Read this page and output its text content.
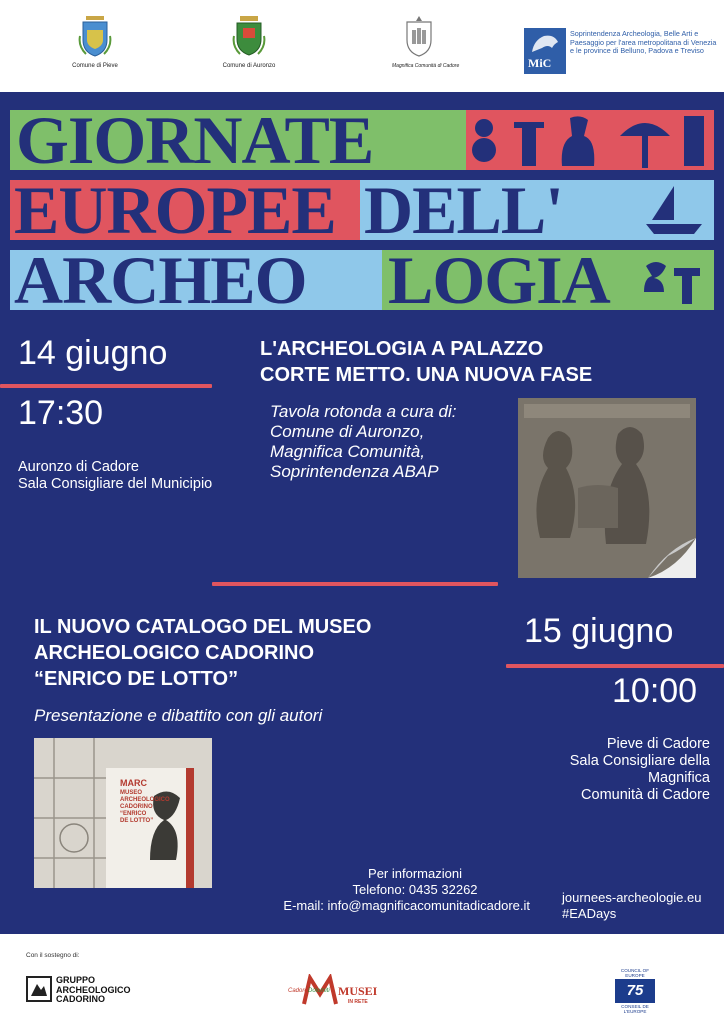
Comune di Pieve	Comune di Auronzo	Magnifica Comunità di Cadore	MiC
Soprintendenza Archeologia, Belle Arti e Paesaggio per l'area metropolitana di Venezia e le province di Belluno, Padova e Treviso
GIORNATE
EUROPEE DELL'
ARCHEO LOGIA
14 giugno
17:30
Auronzo di Cadore
Sala Consigliare del Municipio
L'ARCHEOLOGIA A PALAZZO
CORTE METTO. UNA NUOVA FASE
Tavola rotonda a cura di:
Comune di Auronzo,
Magnifica Comunità,
Soprintendenza ABAP
IL NUOVO CATALOGO DEL MUSEO
ARCHEOLOGICO CADORINO
“ENRICO DE LOTTO”
Presentazione e dibattito con gli autori
15 giugno
10:00
Pieve di Cadore
Sala Consigliare della
Magnifica
Comunità di Cadore
MARC
MUSEO
ARCHEOLOGICO
CADORINO
“ENRICO
DE LOTTO”
Per informazioni
Telefono: 0435 32262
E-mail: info@magnificacomunitadicadore.it
journees-archeologie.eu
#EADays
Con il sostegno di:
GRUPPO
ARCHEOLOGICO
CADORINO
Cadore Dolomiti MUSEI
IN RETE
COUNCIL OF EUROPE
75
CONSEIL DE L'EUROPE
